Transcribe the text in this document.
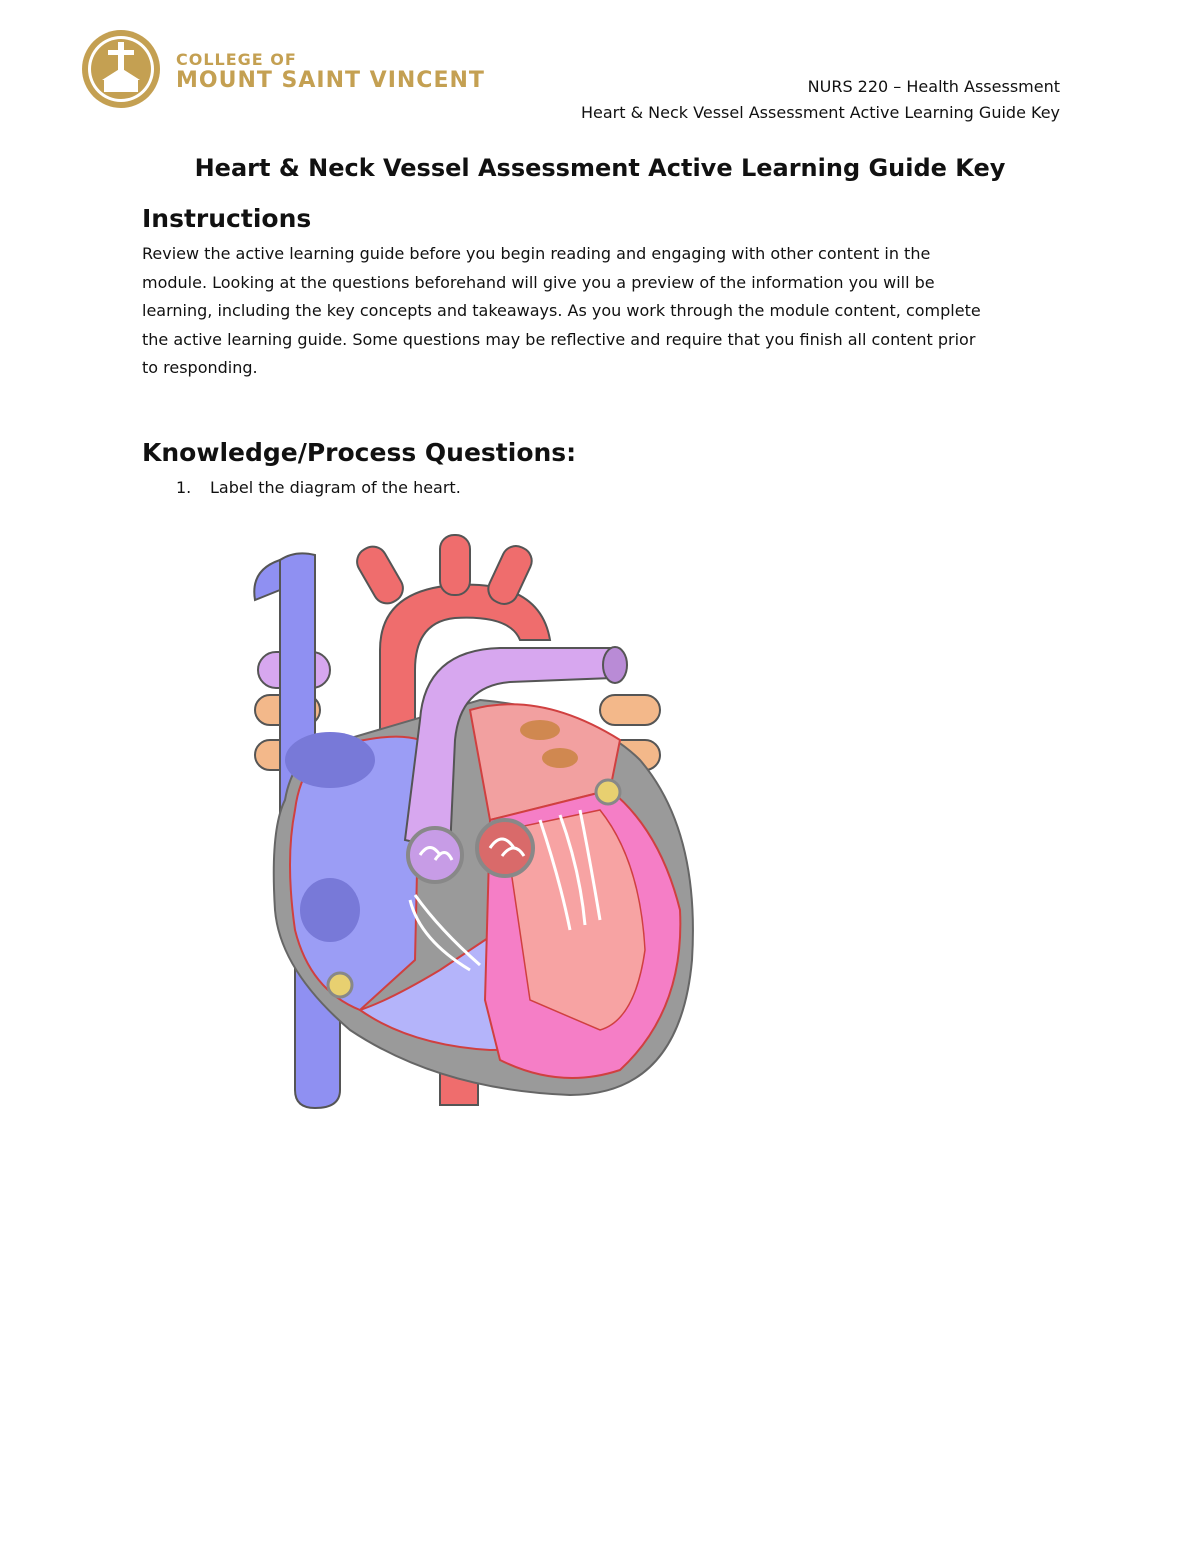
COLLEGE OF
MOUNT SAINT VINCENT	NURS 220 – Health Assessment
Heart & Neck Vessel Assessment Active Learning Guide Key
Heart & Neck Vessel Assessment Active Learning Guide Key
Instructions
Review the active learning guide before you begin reading and engaging with other content in the
module. Looking at the questions beforehand will give you a preview of the information you will be
learning, including the key concepts and takeaways. As you work through the module content, complete
the active learning guide. Some questions may be reflective and require that you finish all content prior
to responding.
Knowledge/Process Questions:
1. Label the diagram of the heart.
